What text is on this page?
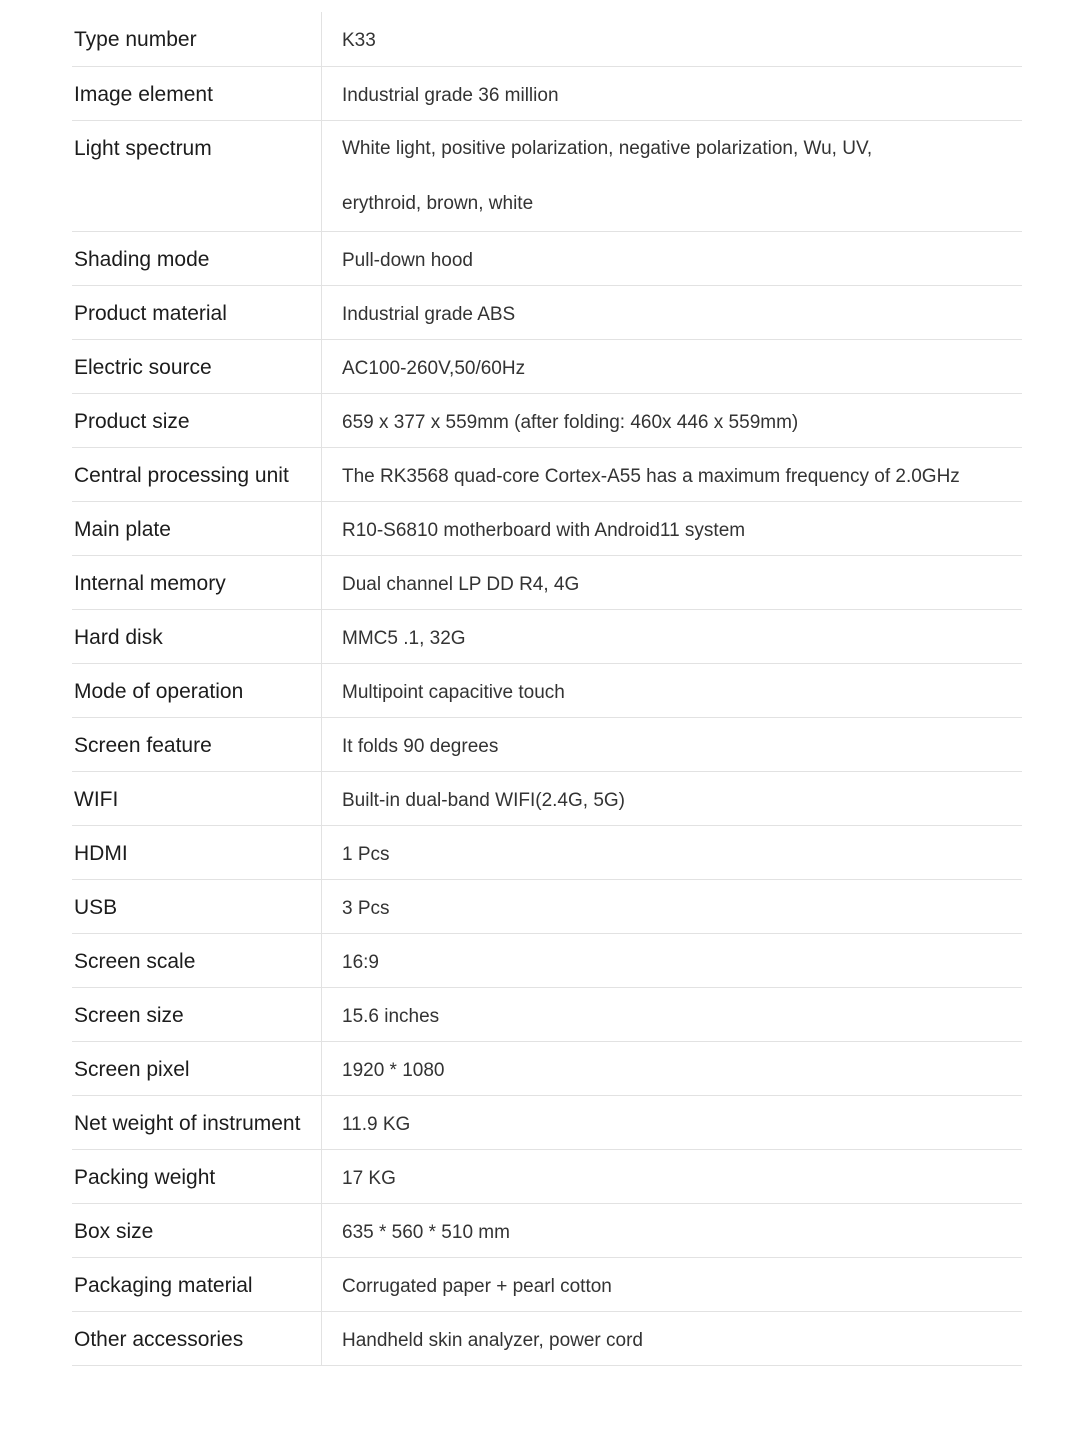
Type number	K33
Image element	Industrial grade 36 million
Light spectrum	White light, positive polarization, negative polarization, Wu, UV,
erythroid, brown, white

Shading mode	Pull-down hood
Product material	Industrial grade ABS
Electric source	AC100-260V,50/60Hz
Product size	659 x 377 x 559mm (after folding: 460x 446 x 559mm)
Central processing unit	The RK3568 quad-core Cortex-A55 has a maximum frequency of 2.0GHz
Main plate	R10-S6810 motherboard with Android11 system
Internal memory	Dual channel LP DD R4, 4G
Hard disk	MMC5 .1, 32G
Mode of operation	Multipoint capacitive touch
Screen feature	It folds 90 degrees
WIFI	Built-in dual-band WIFI(2.4G, 5G)
HDMI	1 Pcs
USB	3 Pcs
Screen scale	16:9
Screen size	15.6 inches
Screen pixel	1920 * 1080
Net weight of instrument	11.9 KG
Packing weight	17 KG
Box size	635 * 560 * 510 mm
Packaging material	Corrugated paper + pearl cotton
Other accessories	Handheld skin analyzer, power cord
